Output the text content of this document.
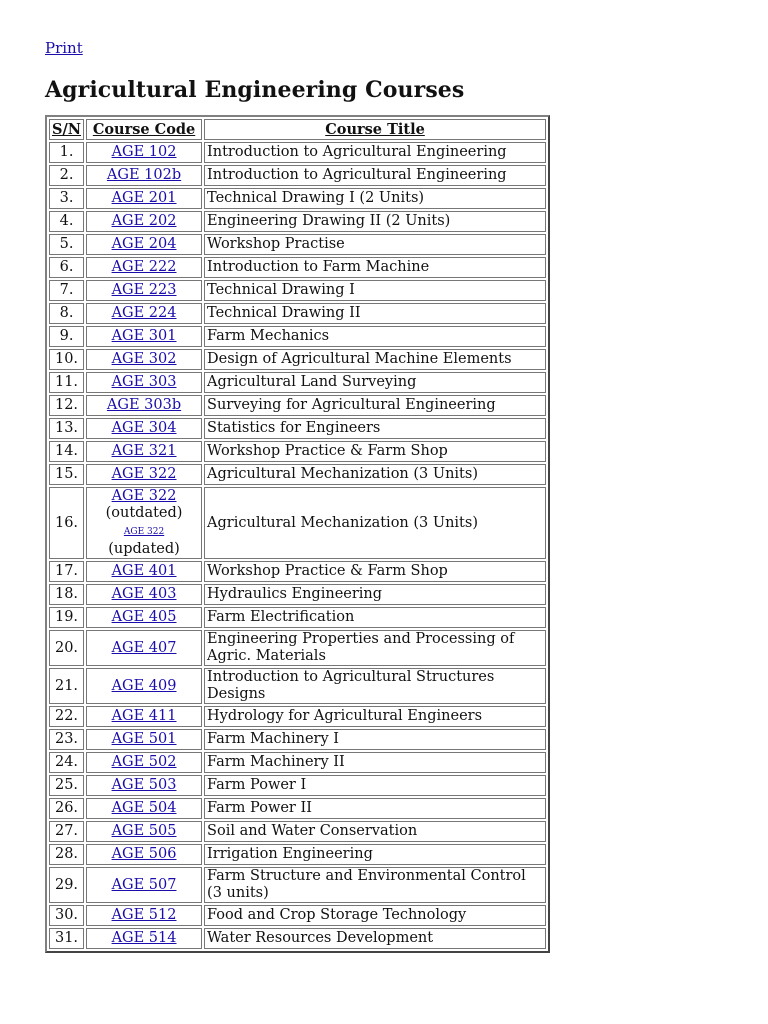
Print
Agricultural Engineering Courses
S/N	Course Code	Course Title
1.	AGE 102	Introduction to Agricultural Engineering
2.	AGE 102b	Introduction to Agricultural Engineering
3.	AGE 201	Technical Drawing I (2 Units)
4.	AGE 202	Engineering Drawing II (2 Units)
5.	AGE 204	Workshop Practise
6.	AGE 222	Introduction to Farm Machine
7.	AGE 223	Technical Drawing I
8.	AGE 224	Technical Drawing II
9.	AGE 301	Farm Mechanics
10.	AGE 302	Design of Agricultural Machine Elements
11.	AGE 303	Agricultural Land Surveying
12.	AGE 303b	Surveying for Agricultural Engineering
13.	AGE 304	Statistics for Engineers
14.	AGE 321	Workshop Practice & Farm Shop
15.	AGE 322	Agricultural Mechanization (3 Units)
16.	AGE 322
(outdated)
AGE 322 (updated)	Agricultural Mechanization (3 Units)
17.	AGE 401	Workshop Practice & Farm Shop
18.	AGE 403	Hydraulics Engineering
19.	AGE 405	Farm Electrification
20.	AGE 407	Engineering Properties and Processing of Agric. Materials
21.	AGE 409	Introduction to Agricultural Structures Designs
22.	AGE 411	Hydrology for Agricultural Engineers
23.	AGE 501	Farm Machinery I
24.	AGE 502	Farm Machinery II
25.	AGE 503	Farm Power I
26.	AGE 504	Farm Power II
27.	AGE 505	Soil and Water Conservation
28.	AGE 506	Irrigation Engineering
29.	AGE 507	Farm Structure and Environmental Control (3 units)
30.	AGE 512	Food and Crop Storage Technology
31.	AGE 514	Water Resources Development
